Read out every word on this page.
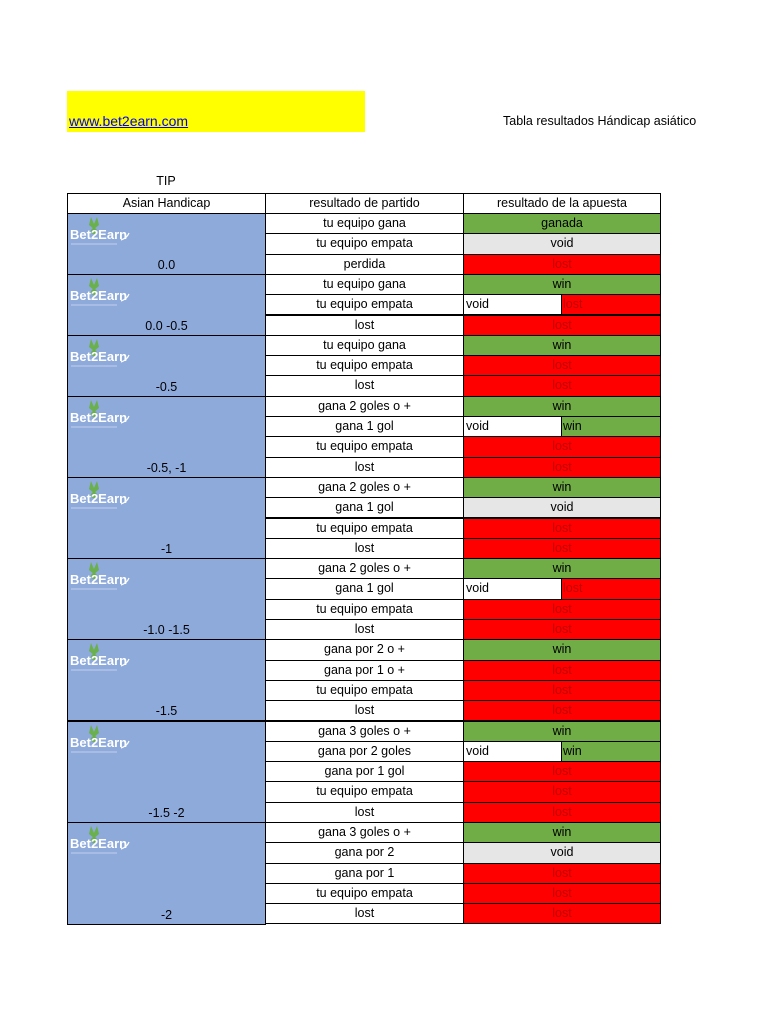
www.bet2earn.com	Tabla resultados Hándicap asiático
TIP
Asian Handicap	resultado de partido	resultado de la apuesta
Bet2Earn
0.0
tu equipo gana	ganada
tu equipo empata	void
perdida	lost
Bet2Earn
0.0 -0.5
tu equipo gana	win
tu equipo empata	void	lost
lost	lost
Bet2Earn
-0.5
tu equipo gana	win
tu equipo empata	lost
lost	lost
Bet2Earn
-0.5, -1
gana 2 goles o +	win
gana 1 gol	void	win
tu equipo empata	lost
lost	lost
Bet2Earn
-1
gana 2 goles o +	win
gana 1 gol	void
tu equipo empata	lost
lost	lost
Bet2Earn
-1.0 -1.5
gana 2 goles o +	win
gana 1 gol	void	lost
tu equipo empata	lost
lost	lost
Bet2Earn
-1.5
gana por 2 o +	win
gana por 1 o +	lost
tu equipo empata	lost
lost	lost
Bet2Earn
-1.5 -2
gana 3 goles o +	win
gana por 2 goles	void	win
gana por 1 gol	lost
tu equipo empata	lost
lost	lost
Bet2Earn
-2
gana 3 goles o +	win
gana por 2	void
gana por 1	lost
tu equipo empata	lost
lost	lost
